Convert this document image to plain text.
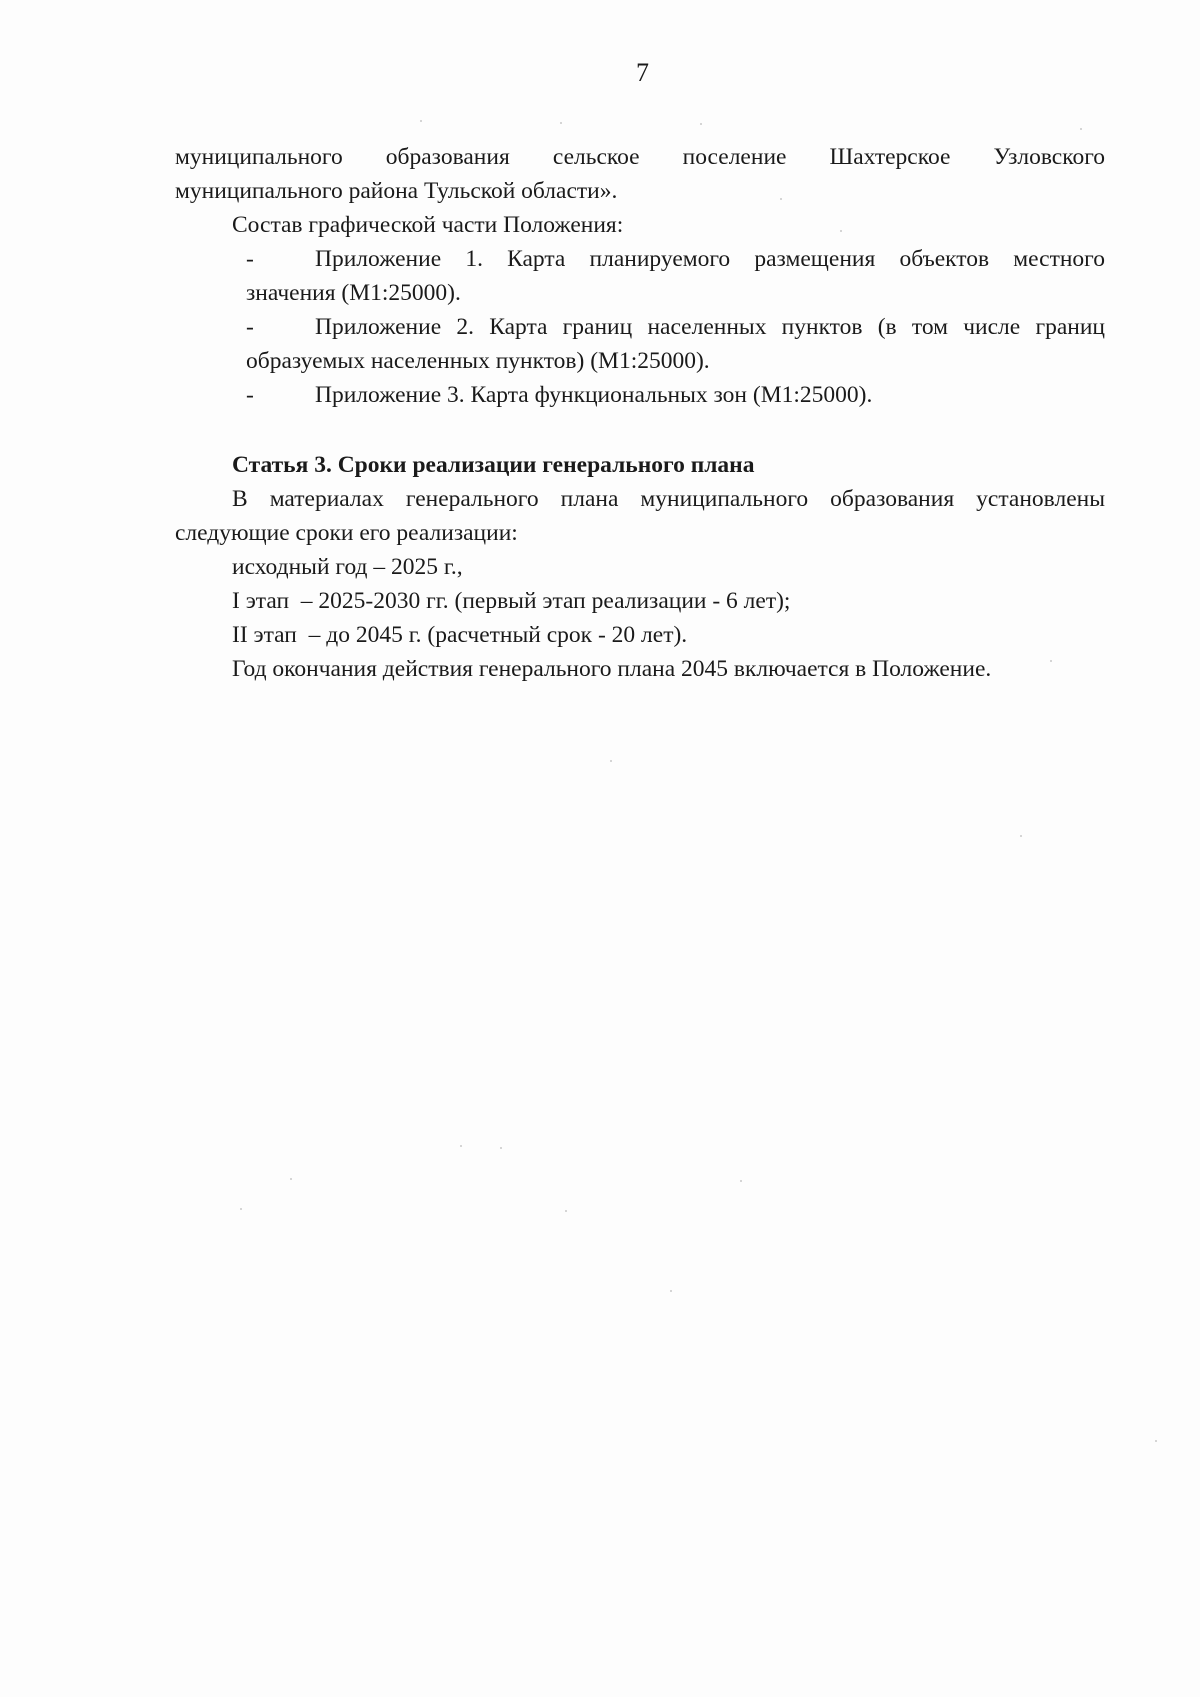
7

муниципального образования сельское поселение Шахтерское Узловского

муниципального района Тульской области».

Состав графической части Положения:

-	Приложение 1. Карта планируемого размещения объектов местного
значения (М1:25000).
-	Приложение 2. Карта границ населенных пунктов (в том числе границ
образуемых населенных пунктов) (М1:25000).
-	Приложение 3. Карта функциональных зон (М1:25000).

Статья 3. Сроки реализации генерального плана

В материалах генерального плана муниципального образования установлены

следующие сроки его реализации:

исходный год – 2025 г.,

I этап  – 2025-2030 гг. (первый этап реализации - 6 лет);

II этап  – до 2045 г. (расчетный срок - 20 лет).

Год окончания действия генерального плана 2045 включается в Положение.
